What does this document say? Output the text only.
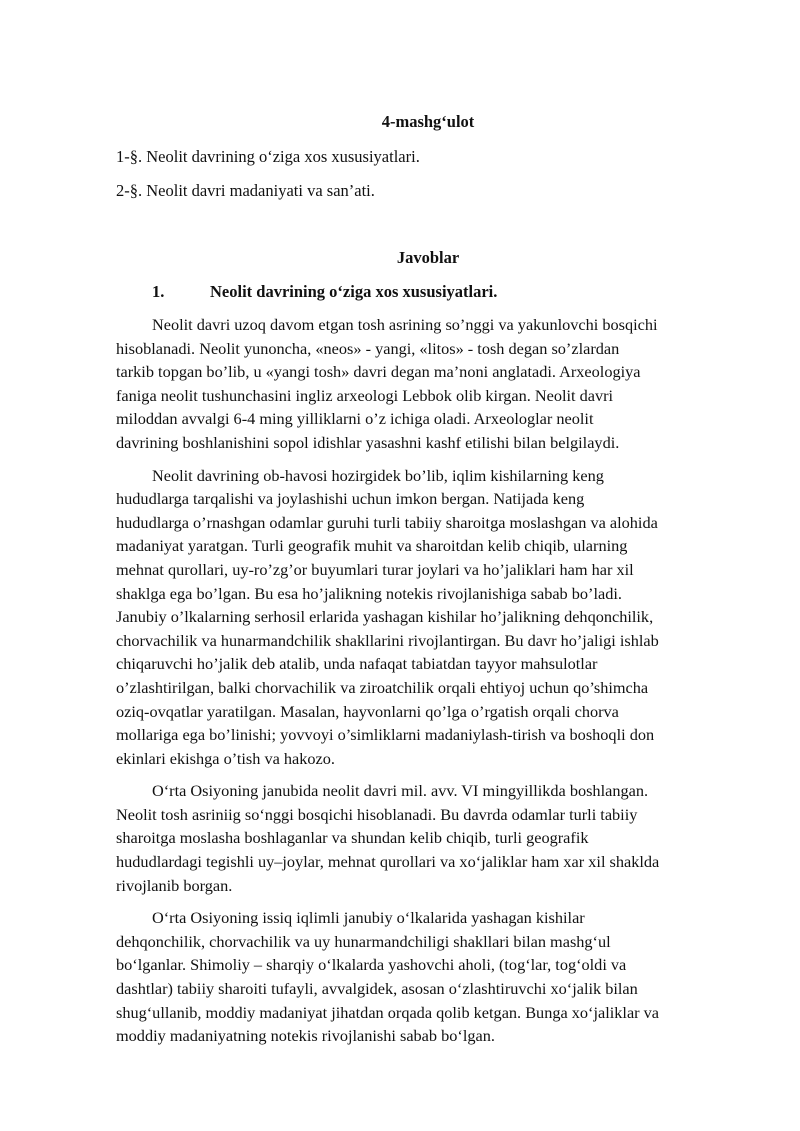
4-mashg‘ulot

1-§. Neolit davrining o‘ziga xos xususiyatlari.

2-§. Neolit davri madaniyati va san’ati.

Javoblar

1.	Neolit davrining o‘ziga xos xususiyatlari.

Neolit davri uzoq davom etgan tosh asrining so’nggi va yakunlovchi bosqichi
hisoblanadi. Neolit yunoncha, «neos» - yangi, «litos» - tosh degan so’zlardan
tarkib topgan bo’lib, u «yangi tosh» davri degan ma’noni anglatadi. Arxeologiya
faniga neolit tushunchasini ingliz arxeologi Lebbok olib kirgan. Neolit davri
miloddan avvalgi 6-4 ming yilliklarni o’z ichiga oladi. Arxeologlar neolit
davrining boshlanishini sopol idishlar yasashni kashf etilishi bilan belgilaydi.
Neolit davrining ob-havosi hozirgidek bo’lib, iqlim kishilarning keng
hududlarga tarqalishi va joylashishi uchun imkon bergan. Natijada keng
hududlarga o’rnashgan odamlar guruhi turli tabiiy sharoitga moslashgan va alohida
madaniyat yaratgan. Turli geografik muhit va sharoitdan kelib chiqib, ularning
mehnat qurollari, uy-ro’zg’or buyumlari turar joylari va ho’jaliklari ham har xil
shaklga ega bo’lgan. Bu esa ho’jalikning notekis rivojlanishiga sabab bo’ladi.
Janubiy o’lkalarning serhosil erlarida yashagan kishilar ho’jalikning dehqonchilik,
chorvachilik va hunarmandchilik shakllarini rivojlantirgan. Bu davr ho’jaligi ishlab
chiqaruvchi ho’jalik deb atalib, unda nafaqat tabiatdan tayyor mahsulotlar
o’zlashtirilgan, balki chorvachilik va ziroatchilik orqali ehtiyoj uchun qo’shimcha
oziq-ovqatlar yaratilgan. Masalan, hayvonlarni qo’lga o’rgatish orqali chorva
mollariga ega bo’linishi; yovvoyi o’simliklarni madaniylash-tirish va boshoqli don
ekinlari ekishga o’tish va hakozo.
O‘rta Osiyoning janubida neolit davri mil. avv. VI mingyillikda boshlangan.
Neolit tosh asriniig so‘nggi bosqichi hisoblanadi. Bu davrda odamlar turli tabiiy
sharoitga moslasha boshlaganlar va shundan kelib chiqib, turli geografik
hududlardagi tegishli uy–joylar, mehnat qurollari va xo‘jaliklar ham xar xil shaklda
rivojlanib borgan.
O‘rta Osiyoning issiq iqlimli janubiy o‘lkalarida yashagan kishilar
dehqonchilik, chorvachilik va uy hunarmandchiligi shakllari bilan mashg‘ul
bo‘lganlar. Shimoliy – sharqiy o‘lkalarda yashovchi aholi, (tog‘lar, tog‘oldi va
dashtlar) tabiiy sharoiti tufayli, avvalgidek, asosan o‘zlashtiruvchi xo‘jalik bilan
shug‘ullanib, moddiy madaniyat jihatdan orqada qolib ketgan. Bunga xo‘jaliklar va
moddiy madaniyatning notekis rivojlanishi sabab bo‘lgan.
